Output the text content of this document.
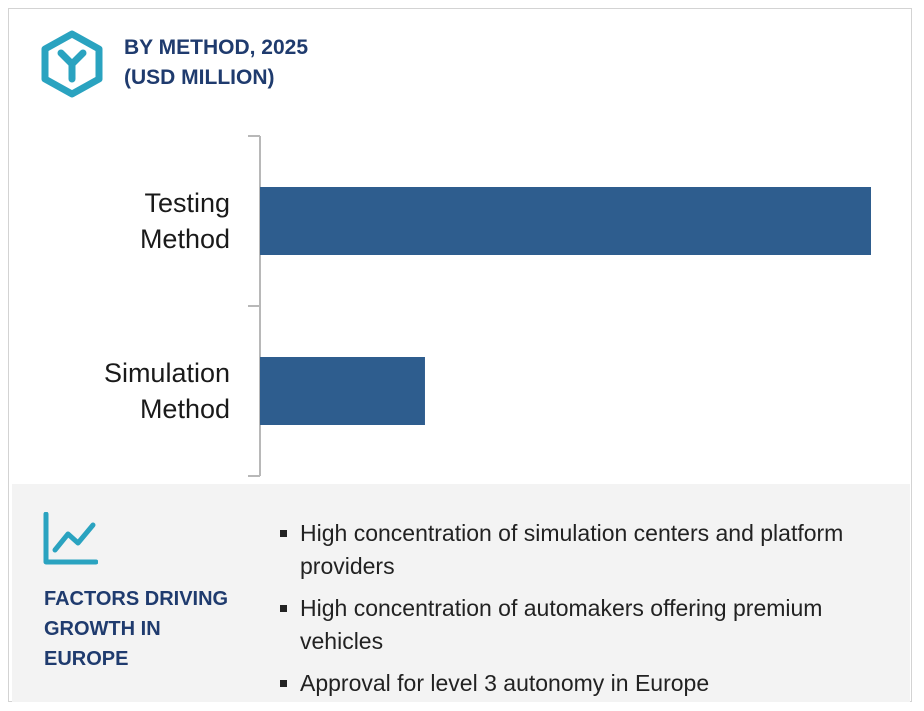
BY METHOD, 2025
(USD MILLION)
Testing
Method
Simulation
Method
FACTORS DRIVING
GROWTH IN
EUROPE
High concentration of simulation centers and platform providers
High concentration of automakers offering premium vehicles
Approval for level 3 autonomy in Europe
